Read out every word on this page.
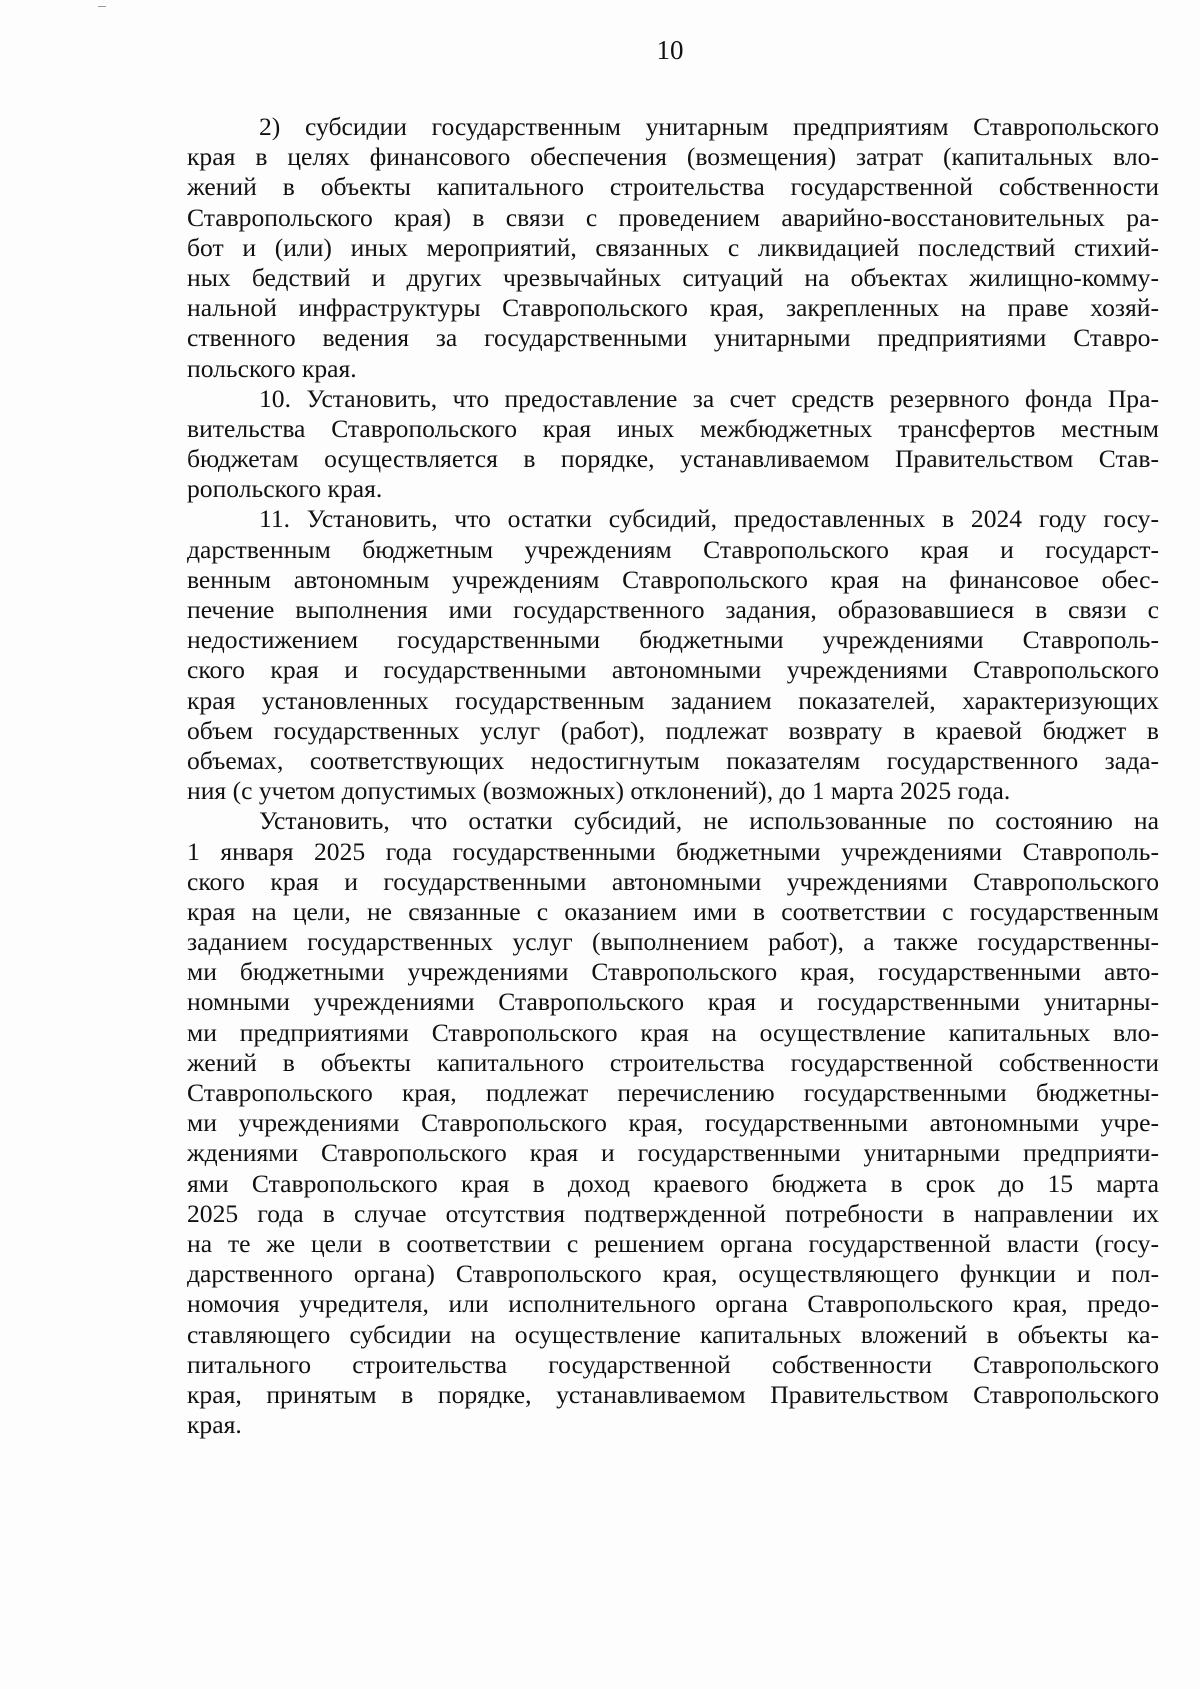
10
2) субсидии государственным унитарным предприятиям Ставропольского
края в целях финансового обеспечения (возмещения) затрат (капитальных вло-
жений в объекты капитального строительства государственной собственности
Ставропольского края) в связи с проведением аварийно-восстановительных ра-
бот и (или) иных мероприятий, связанных с ликвидацией последствий стихий-
ных бедствий и других чрезвычайных ситуаций на объектах жилищно-комму-
нальной инфраструктуры Ставропольского края, закрепленных на праве хозяй-
ственного ведения за государственными унитарными предприятиями Ставро-
польского края.
10. Установить, что предоставление за счет средств резервного фонда Пра-
вительства Ставропольского края иных межбюджетных трансфертов местным
бюджетам осуществляется в порядке, устанавливаемом Правительством Став-
ропольского края.
11. Установить, что остатки субсидий, предоставленных в 2024 году госу-
дарственным бюджетным учреждениям Ставропольского края и государст-
венным автономным учреждениям Ставропольского края на финансовое обес-
печение выполнения ими государственного задания, образовавшиеся в связи с
недостижением государственными бюджетными учреждениями Ставрополь-
ского края и государственными автономными учреждениями Ставропольского
края установленных государственным заданием показателей, характеризующих
объем государственных услуг (работ), подлежат возврату в краевой бюджет в
объемах, соответствующих недостигнутым показателям государственного зада-
ния (с учетом допустимых (возможных) отклонений), до 1 марта 2025 года.
Установить, что остатки субсидий, не использованные по состоянию на
1 января 2025 года государственными бюджетными учреждениями Ставрополь-
ского края и государственными автономными учреждениями Ставропольского
края на цели, не связанные с оказанием ими в соответствии с государственным
заданием государственных услуг (выполнением работ), а также государственны-
ми бюджетными учреждениями Ставропольского края, государственными авто-
номными учреждениями Ставропольского края и государственными унитарны-
ми предприятиями Ставропольского края на осуществление капитальных вло-
жений в объекты капитального строительства государственной собственности
Ставропольского края, подлежат перечислению государственными бюджетны-
ми учреждениями Ставропольского края, государственными автономными учре-
ждениями Ставропольского края и государственными унитарными предприяти-
ями Ставропольского края в доход краевого бюджета в срок до 15 марта
2025 года в случае отсутствия подтвержденной потребности в направлении их
на те же цели в соответствии с решением органа государственной власти (госу-
дарственного органа) Ставропольского края, осуществляющего функции и пол-
номочия учредителя, или исполнительного органа Ставропольского края, предо-
ставляющего субсидии на осуществление капитальных вложений в объекты ка-
питального строительства государственной собственности Ставропольского
края, принятым в порядке, устанавливаемом Правительством Ставропольского
края.
